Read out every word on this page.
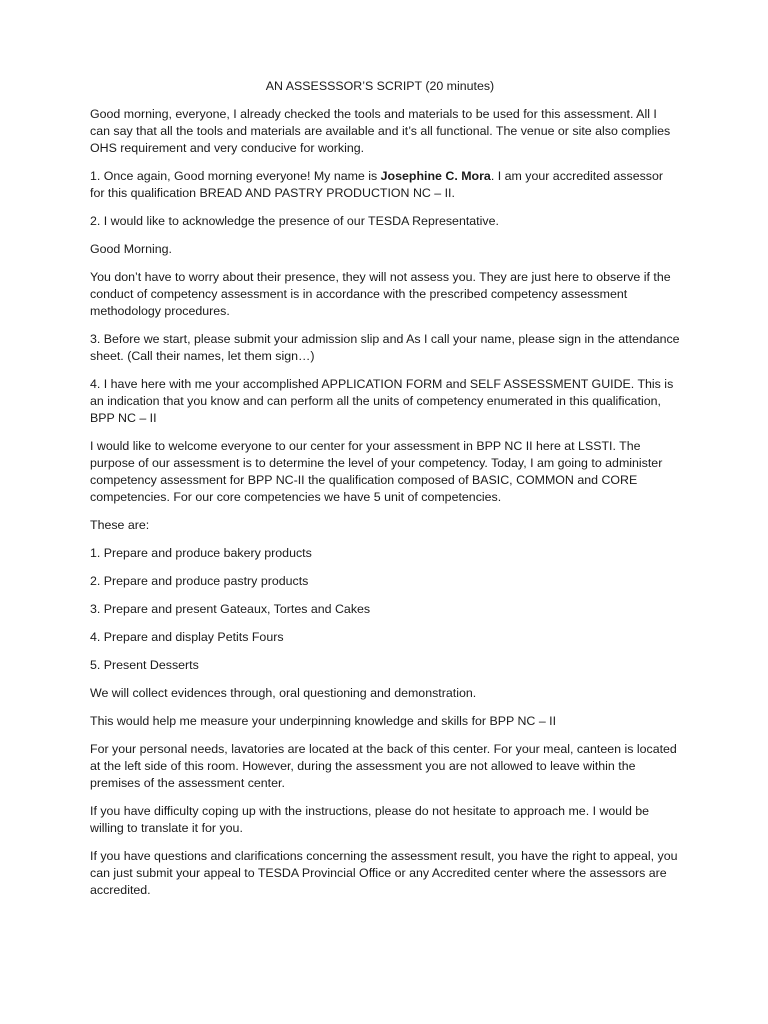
AN ASSESSSOR’S SCRIPT (20 minutes)

Good morning, everyone, I already checked the tools and materials to be used for this assessment. All I can say that all the tools and materials are available and it’s all functional. The venue or site also complies OHS requirement and very conducive for working.

1. Once again, Good morning everyone! My name is Josephine C. Mora. I am your accredited assessor for this qualification BREAD AND PASTRY PRODUCTION NC – II.

2. I would like to acknowledge the presence of our TESDA Representative.

Good Morning.

You don’t have to worry about their presence, they will not assess you. They are just here to observe if the conduct of competency assessment is in accordance with the prescribed competency assessment methodology procedures.

3. Before we start, please submit your admission slip and As I call your name, please sign in the attendance sheet. (Call their names, let them sign…)

4. I have here with me your accomplished APPLICATION FORM and SELF ASSESSMENT GUIDE. This is an indication that you know and can perform all the units of competency enumerated in this qualification, BPP NC – II

I would like to welcome everyone to our center for your assessment in BPP NC II here at LSSTI. The purpose of our assessment is to determine the level of your competency. Today, I am going to administer competency assessment for BPP NC-II the qualification composed of BASIC, COMMON and CORE competencies. For our core competencies we have 5 unit of competencies.

These are:

1. Prepare and produce bakery products

2. Prepare and produce pastry products

3. Prepare and present Gateaux, Tortes and Cakes

4. Prepare and display Petits Fours

5. Present Desserts

We will collect evidences through, oral questioning and demonstration.

This would help me measure your underpinning knowledge and skills for BPP NC – II

For your personal needs, lavatories are located at the back of this center. For your meal, canteen is located at the left side of this room. However, during the assessment you are not allowed to leave within the premises of the assessment center.

If you have difficulty coping up with the instructions, please do not hesitate to approach me. I would be willing to translate it for you.

If you have questions and clarifications concerning the assessment result, you have the right to appeal, you can just submit your appeal to TESDA Provincial Office or any Accredited center where the assessors are accredited.
